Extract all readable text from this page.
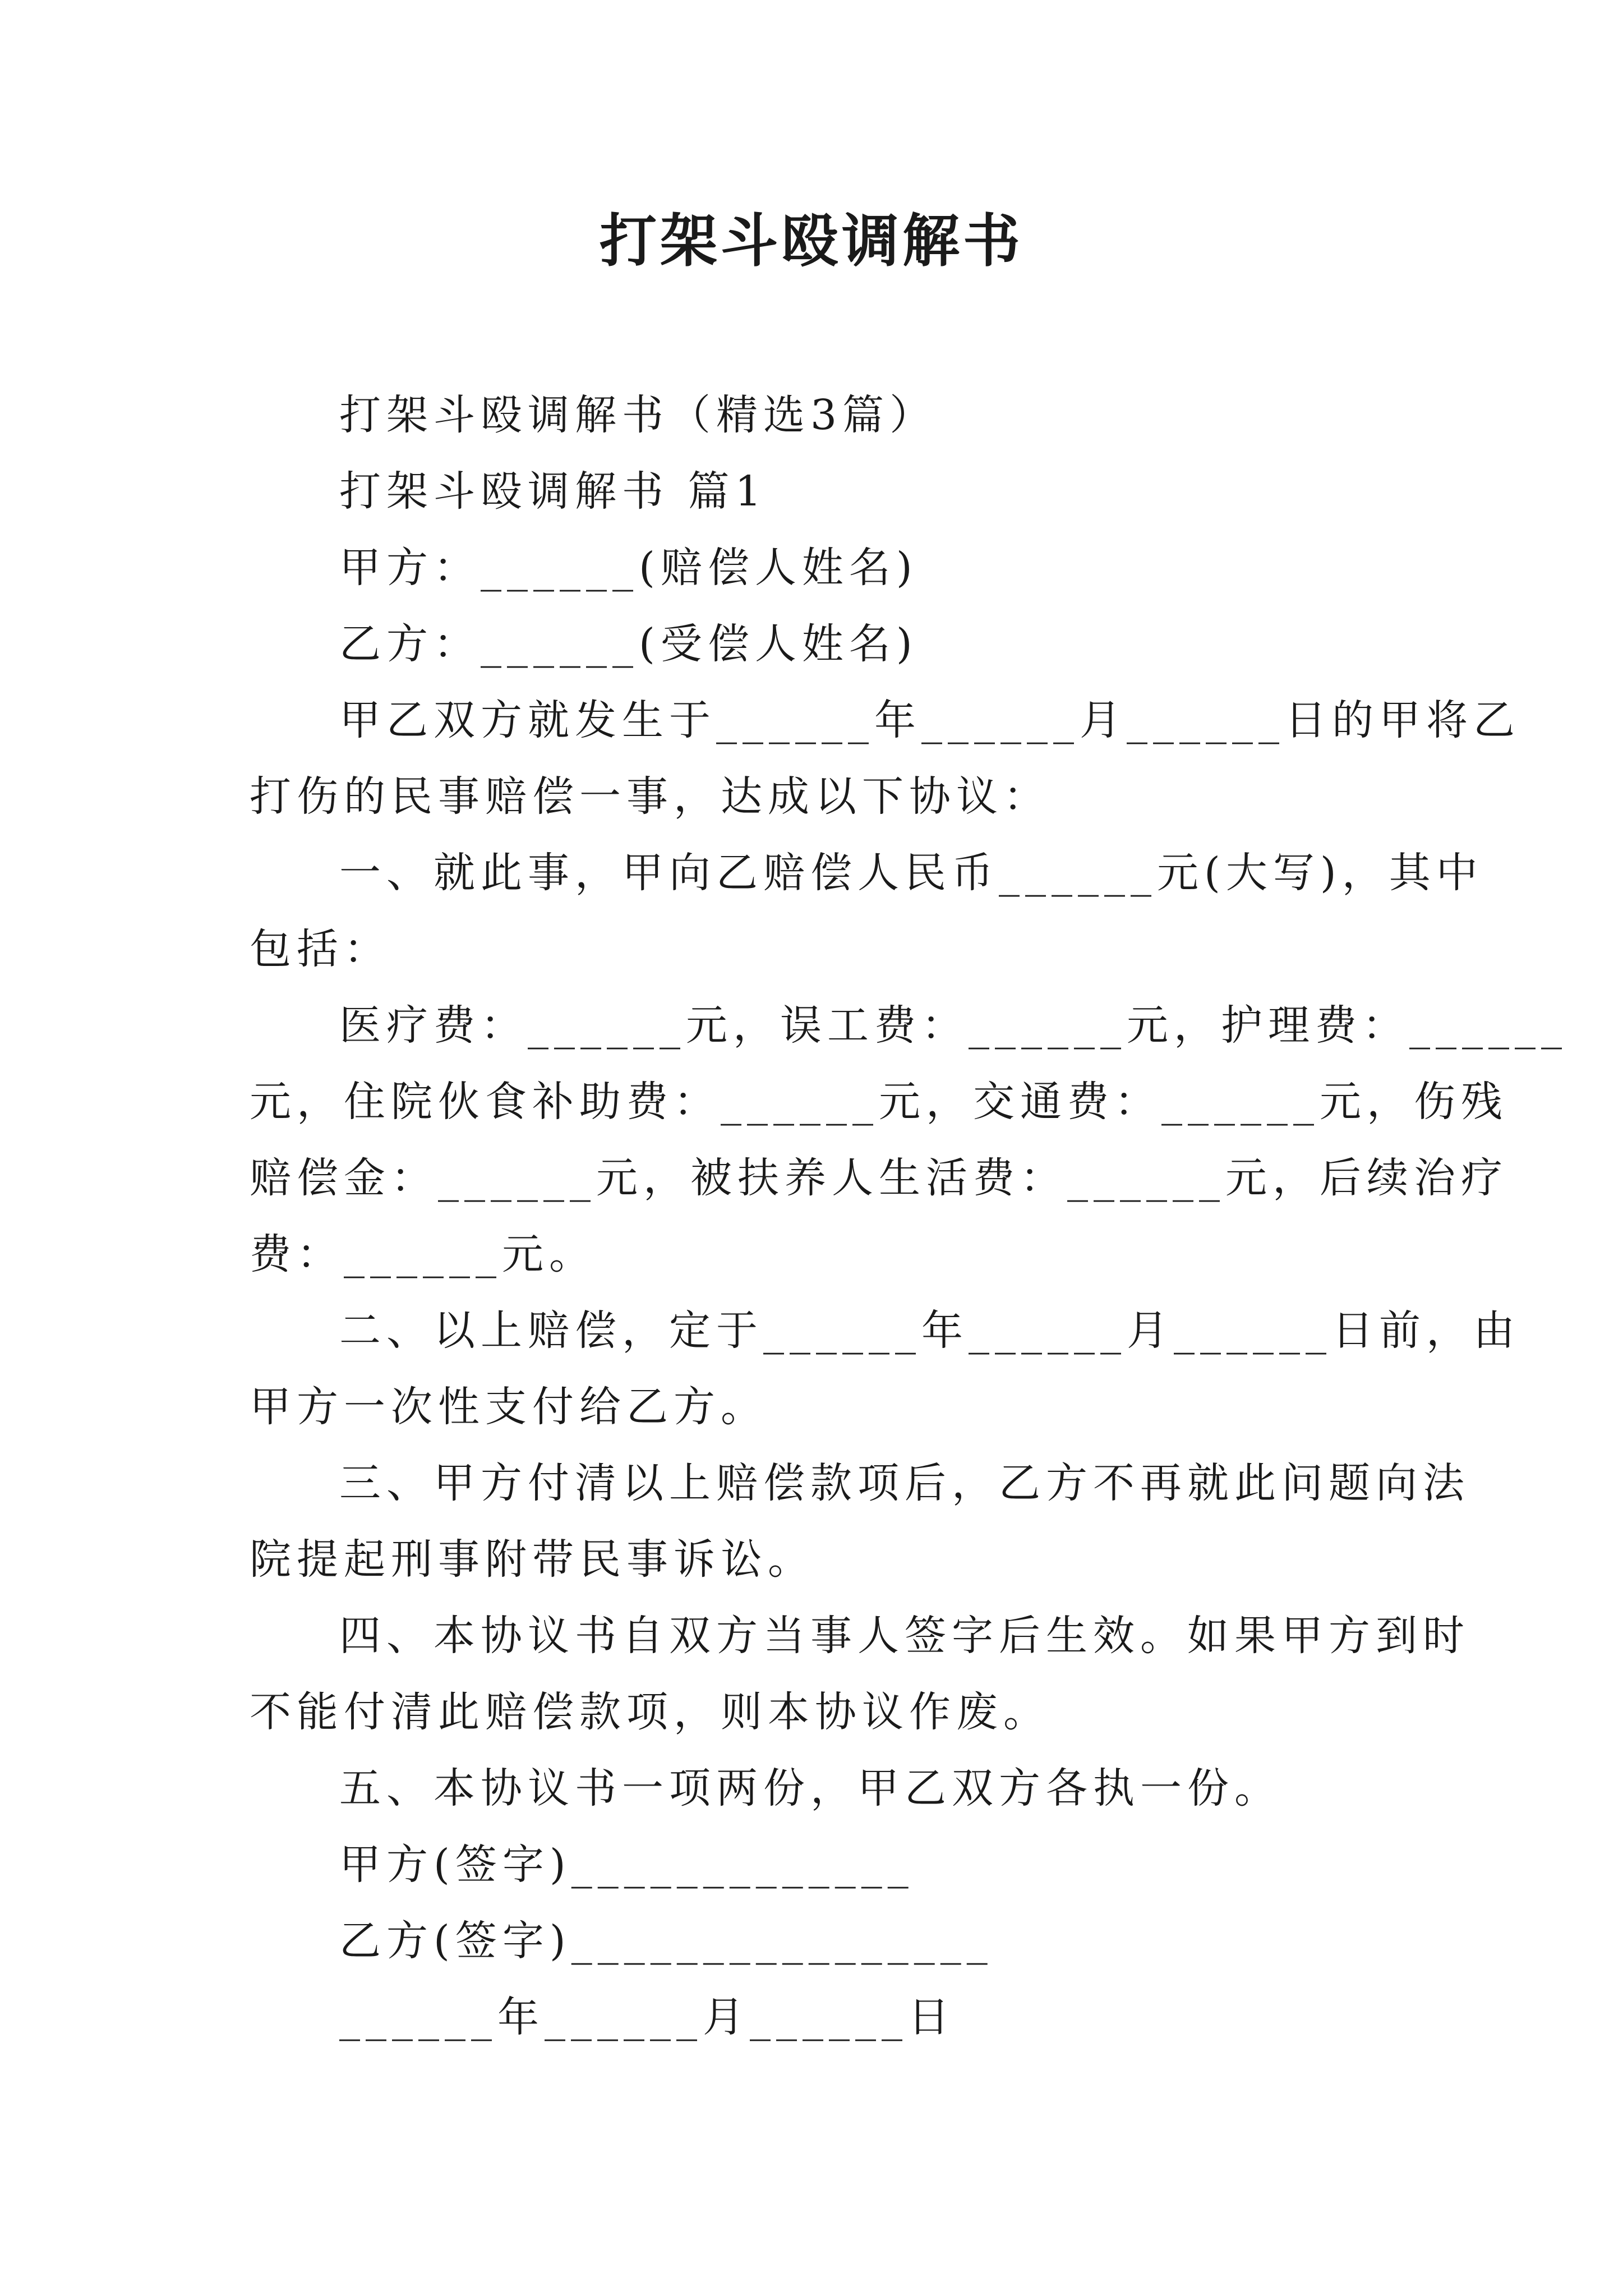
打架斗殴调解书
打架斗殴调解书（精选3篇）
打架斗殴调解书 篇1
甲方：______(赔偿人姓名)
乙方：______(受偿人姓名)
甲乙双方就发生于______年______月______日的甲将乙
打伤的民事赔偿一事，达成以下协议：
一、就此事，甲向乙赔偿人民币______元(大写)，其中
包括：
医疗费：______元，误工费：______元，护理费：______
元，住院伙食补助费：______元，交通费：______元，伤残
赔偿金：______元，被扶养人生活费：______元，后续治疗
费：______元。
二、以上赔偿，定于______年______月______日前，由
甲方一次性支付给乙方。
三、甲方付清以上赔偿款项后，乙方不再就此问题向法
院提起刑事附带民事诉讼。
四、本协议书自双方当事人签字后生效。如果甲方到时
不能付清此赔偿款项，则本协议作废。
五、本协议书一项两份，甲乙双方各执一份。
甲方(签字)_____________
乙方(签字)________________
______年______月______日
